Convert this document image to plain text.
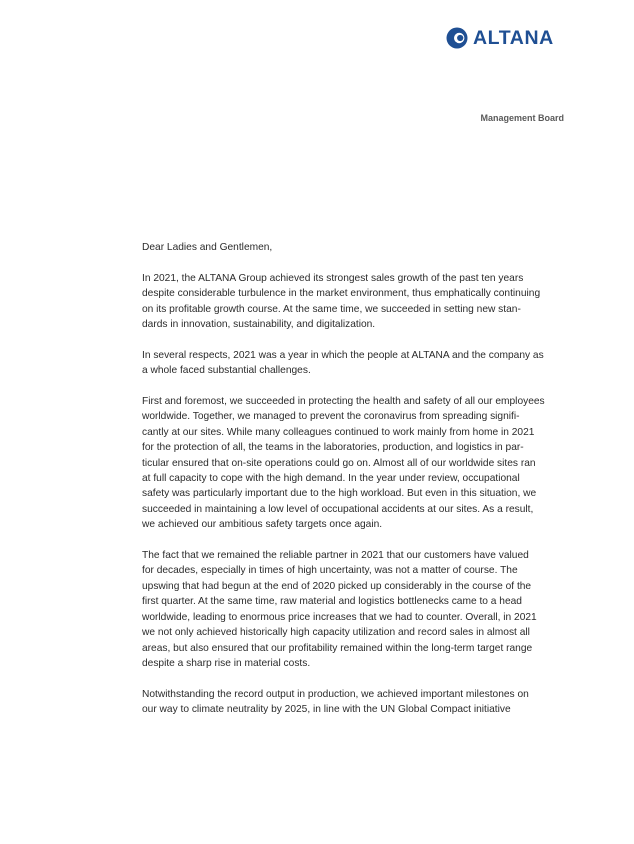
ALTANA
Management Board

Dear Ladies and Gentlemen,

In 2021, the ALTANA Group achieved its strongest sales growth of the past ten years
despite considerable turbulence in the market environment, thus emphatically continuing
on its profitable growth course. At the same time, we succeeded in setting new stan-
dards in innovation, sustainability, and digitalization.

In several respects, 2021 was a year in which the people at ALTANA and the company as
a whole faced substantial challenges.

First and foremost, we succeeded in protecting the health and safety of all our employees
worldwide. Together, we managed to prevent the coronavirus from spreading signifi-
cantly at our sites. While many colleagues continued to work mainly from home in 2021
for the protection of all, the teams in the laboratories, production, and logistics in par-
ticular ensured that on-site operations could go on. Almost all of our worldwide sites ran
at full capacity to cope with the high demand. In the year under review, occupational
safety was particularly important due to the high workload. But even in this situation, we
succeeded in maintaining a low level of occupational accidents at our sites. As a result,
we achieved our ambitious safety targets once again.

The fact that we remained the reliable partner in 2021 that our customers have valued
for decades, especially in times of high uncertainty, was not a matter of course. The
upswing that had begun at the end of 2020 picked up considerably in the course of the
first quarter. At the same time, raw material and logistics bottlenecks came to a head
worldwide, leading to enormous price increases that we had to counter. Overall, in 2021
we not only achieved historically high capacity utilization and record sales in almost all
areas, but also ensured that our profitability remained within the long-term target range
despite a sharp rise in material costs.

Notwithstanding the record output in production, we achieved important milestones on
our way to climate neutrality by 2025, in line with the UN Global Compact initiative
